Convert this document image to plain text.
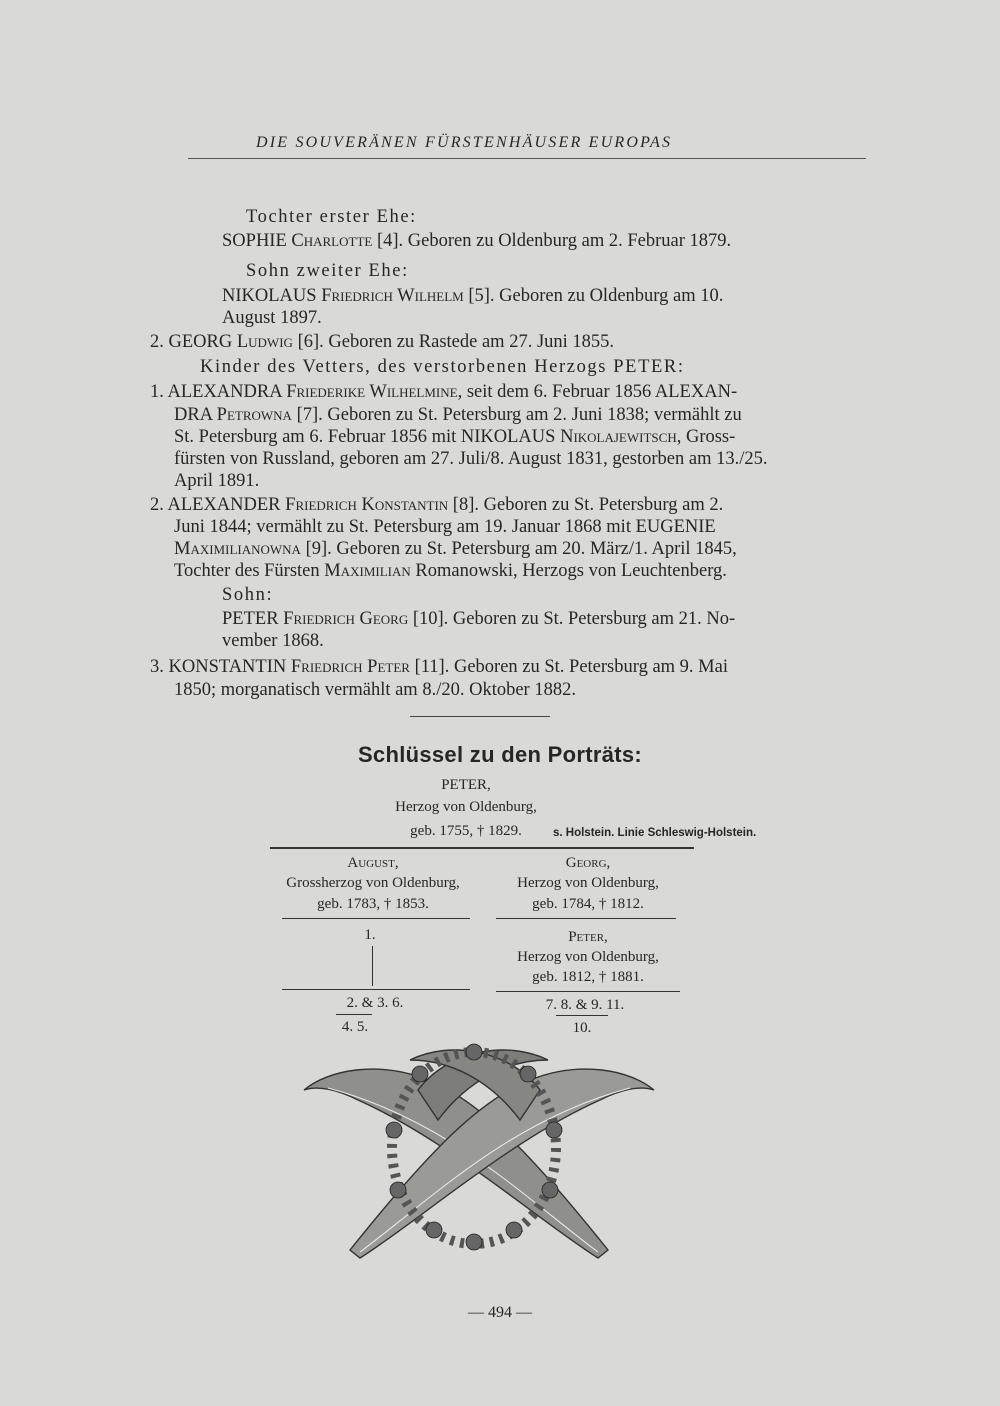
DIE SOUVERÄNEN FÜRSTENHÄUSER EUROPAS
Tochter erster Ehe:
SOPHIE Charlotte [4]. Geboren zu Oldenburg am 2. Februar 1879.
Sohn zweiter Ehe:
NIKOLAUS Friedrich Wilhelm [5]. Geboren zu Oldenburg am 10.
August 1897.
2. GEORG Ludwig [6]. Geboren zu Rastede am 27. Juni 1855.
Kinder des Vetters, des verstorbenen Herzogs PETER:
1. ALEXANDRA Friederike Wilhelmine, seit dem 6. Februar 1856 ALEXAN-
DRA Petrowna [7]. Geboren zu St. Petersburg am 2. Juni 1838; vermählt zu
St. Petersburg am 6. Februar 1856 mit NIKOLAUS Nikolajewitsch, Gross-
fürsten von Russland, geboren am 27. Juli/8. August 1831, gestorben am 13./25.
April 1891.
2. ALEXANDER Friedrich Konstantin [8]. Geboren zu St. Petersburg am 2.
Juni 1844; vermählt zu St. Petersburg am 19. Januar 1868 mit EUGENIE
Maximilianowna [9]. Geboren zu St. Petersburg am 20. März/1. April 1845,
Tochter des Fürsten Maximilian Romanowski, Herzogs von Leuchtenberg.
Sohn:
PETER Friedrich Georg [10]. Geboren zu St. Petersburg am 21. No-
vember 1868.
3. KONSTANTIN Friedrich Peter [11]. Geboren zu St. Petersburg am 9. Mai
1850; morganatisch vermählt am 8./20. Oktober 1882.
Schlüssel zu den Porträts:
PETER,
Herzog von Oldenburg,
geb. 1755, † 1829.	s. Holstein. Linie Schleswig-Holstein.
August,
Grossherzog von Oldenburg,
geb. 1783, † 1853.
Georg,
Herzog von Oldenburg,
geb. 1784, † 1812.
1.	Peter,
Herzog von Oldenburg,
geb. 1812, † 1881.
2. & 3. 6.
4. 5.
7. 8. & 9. 11.
10.
— 494 —
